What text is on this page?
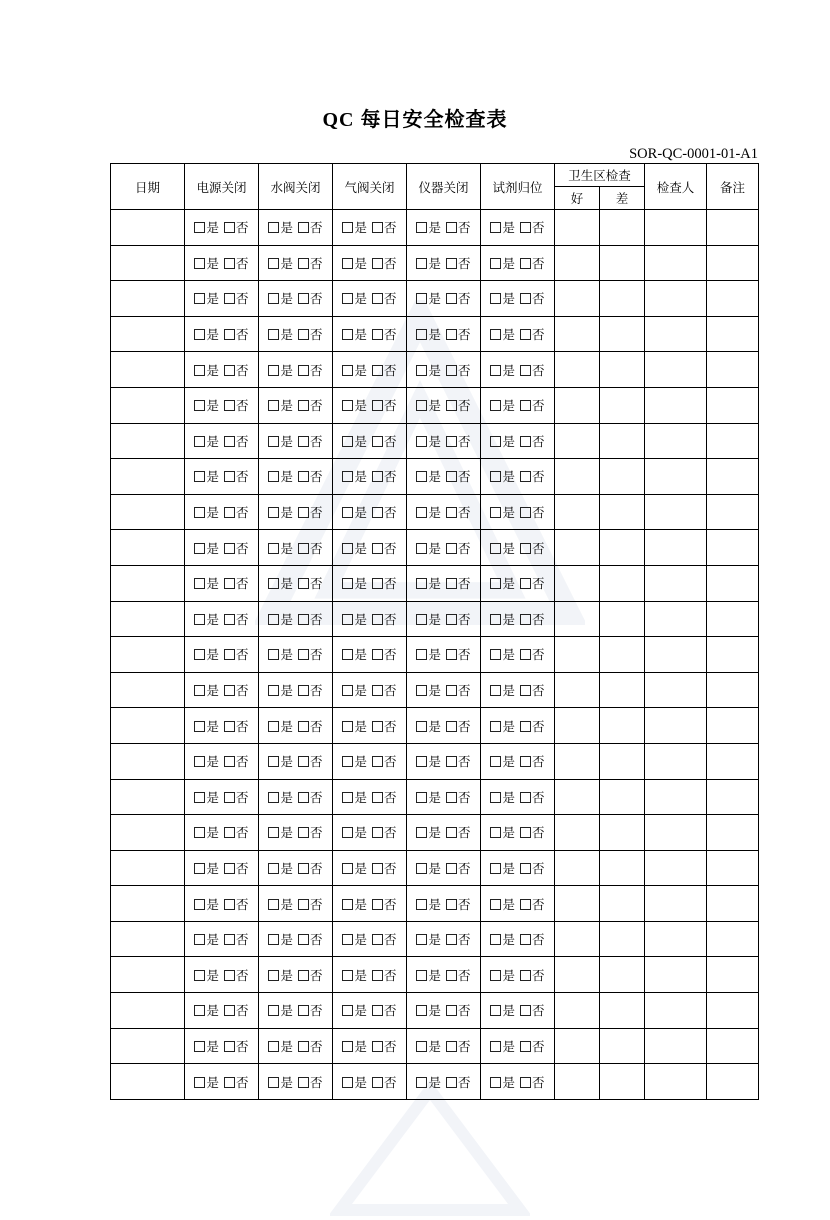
QC 每日安全检查表
SOR-QC-0001-01-A1
日期	电源关闭	水阀关闭	气阀关闭	仪器关闭	试剂归位	卫生区检查		检查人	备注
						好	差		
	是 否	是 否	是 否	是 否	是 否				
	是 否	是 否	是 否	是 否	是 否				
	是 否	是 否	是 否	是 否	是 否				
	是 否	是 否	是 否	是 否	是 否				
	是 否	是 否	是 否	是 否	是 否				
	是 否	是 否	是 否	是 否	是 否				
	是 否	是 否	是 否	是 否	是 否				
	是 否	是 否	是 否	是 否	是 否				
	是 否	是 否	是 否	是 否	是 否				
	是 否	是 否	是 否	是 否	是 否				
	是 否	是 否	是 否	是 否	是 否				
	是 否	是 否	是 否	是 否	是 否				
	是 否	是 否	是 否	是 否	是 否				
	是 否	是 否	是 否	是 否	是 否				
	是 否	是 否	是 否	是 否	是 否				
	是 否	是 否	是 否	是 否	是 否				
	是 否	是 否	是 否	是 否	是 否				
	是 否	是 否	是 否	是 否	是 否				
	是 否	是 否	是 否	是 否	是 否				
	是 否	是 否	是 否	是 否	是 否				
	是 否	是 否	是 否	是 否	是 否				
	是 否	是 否	是 否	是 否	是 否				
	是 否	是 否	是 否	是 否	是 否				
	是 否	是 否	是 否	是 否	是 否				
	是 否	是 否	是 否	是 否	是 否				
